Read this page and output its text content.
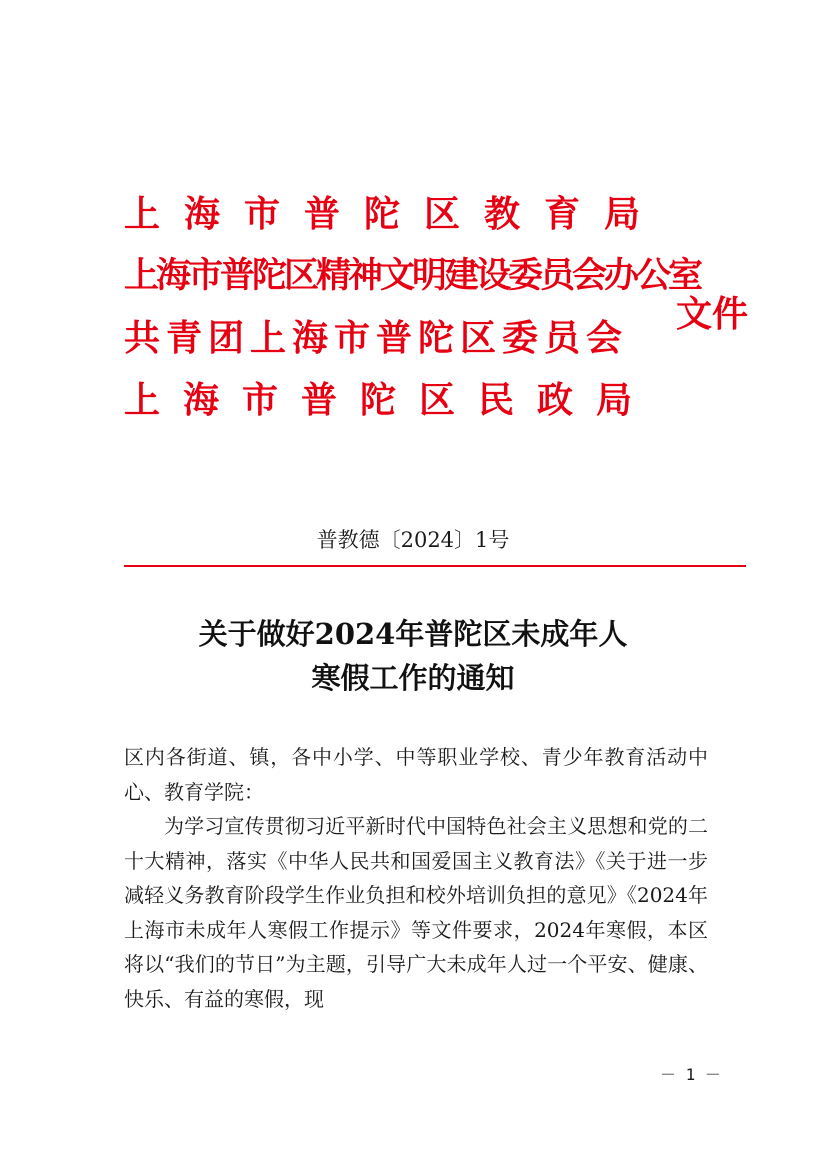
上海市普陀区教育局
上海市普陀区精神文明建设委员会办公室
共青团上海市普陀区委员会
上海市普陀区民政局
文件
普教德〔2024〕1号
关于做好2024年普陀区未成年人
寒假工作的通知

区内各街道、镇，各中小学、中等职业学校、青少年教育活动中心、教育学院：

为学习宣传贯彻习近平新时代中国特色社会主义思想和党的二十大精神，落实《中华人民共和国爱国主义教育法》《关于进一步减轻义务教育阶段学生作业负担和校外培训负担的意见》《2024年上海市未成年人寒假工作提示》等文件要求，2024年寒假，本区将以“我们的节日”为主题，引导广大未成年人过一个平安、健康、快乐、有益的寒假，现

－ 1 －
